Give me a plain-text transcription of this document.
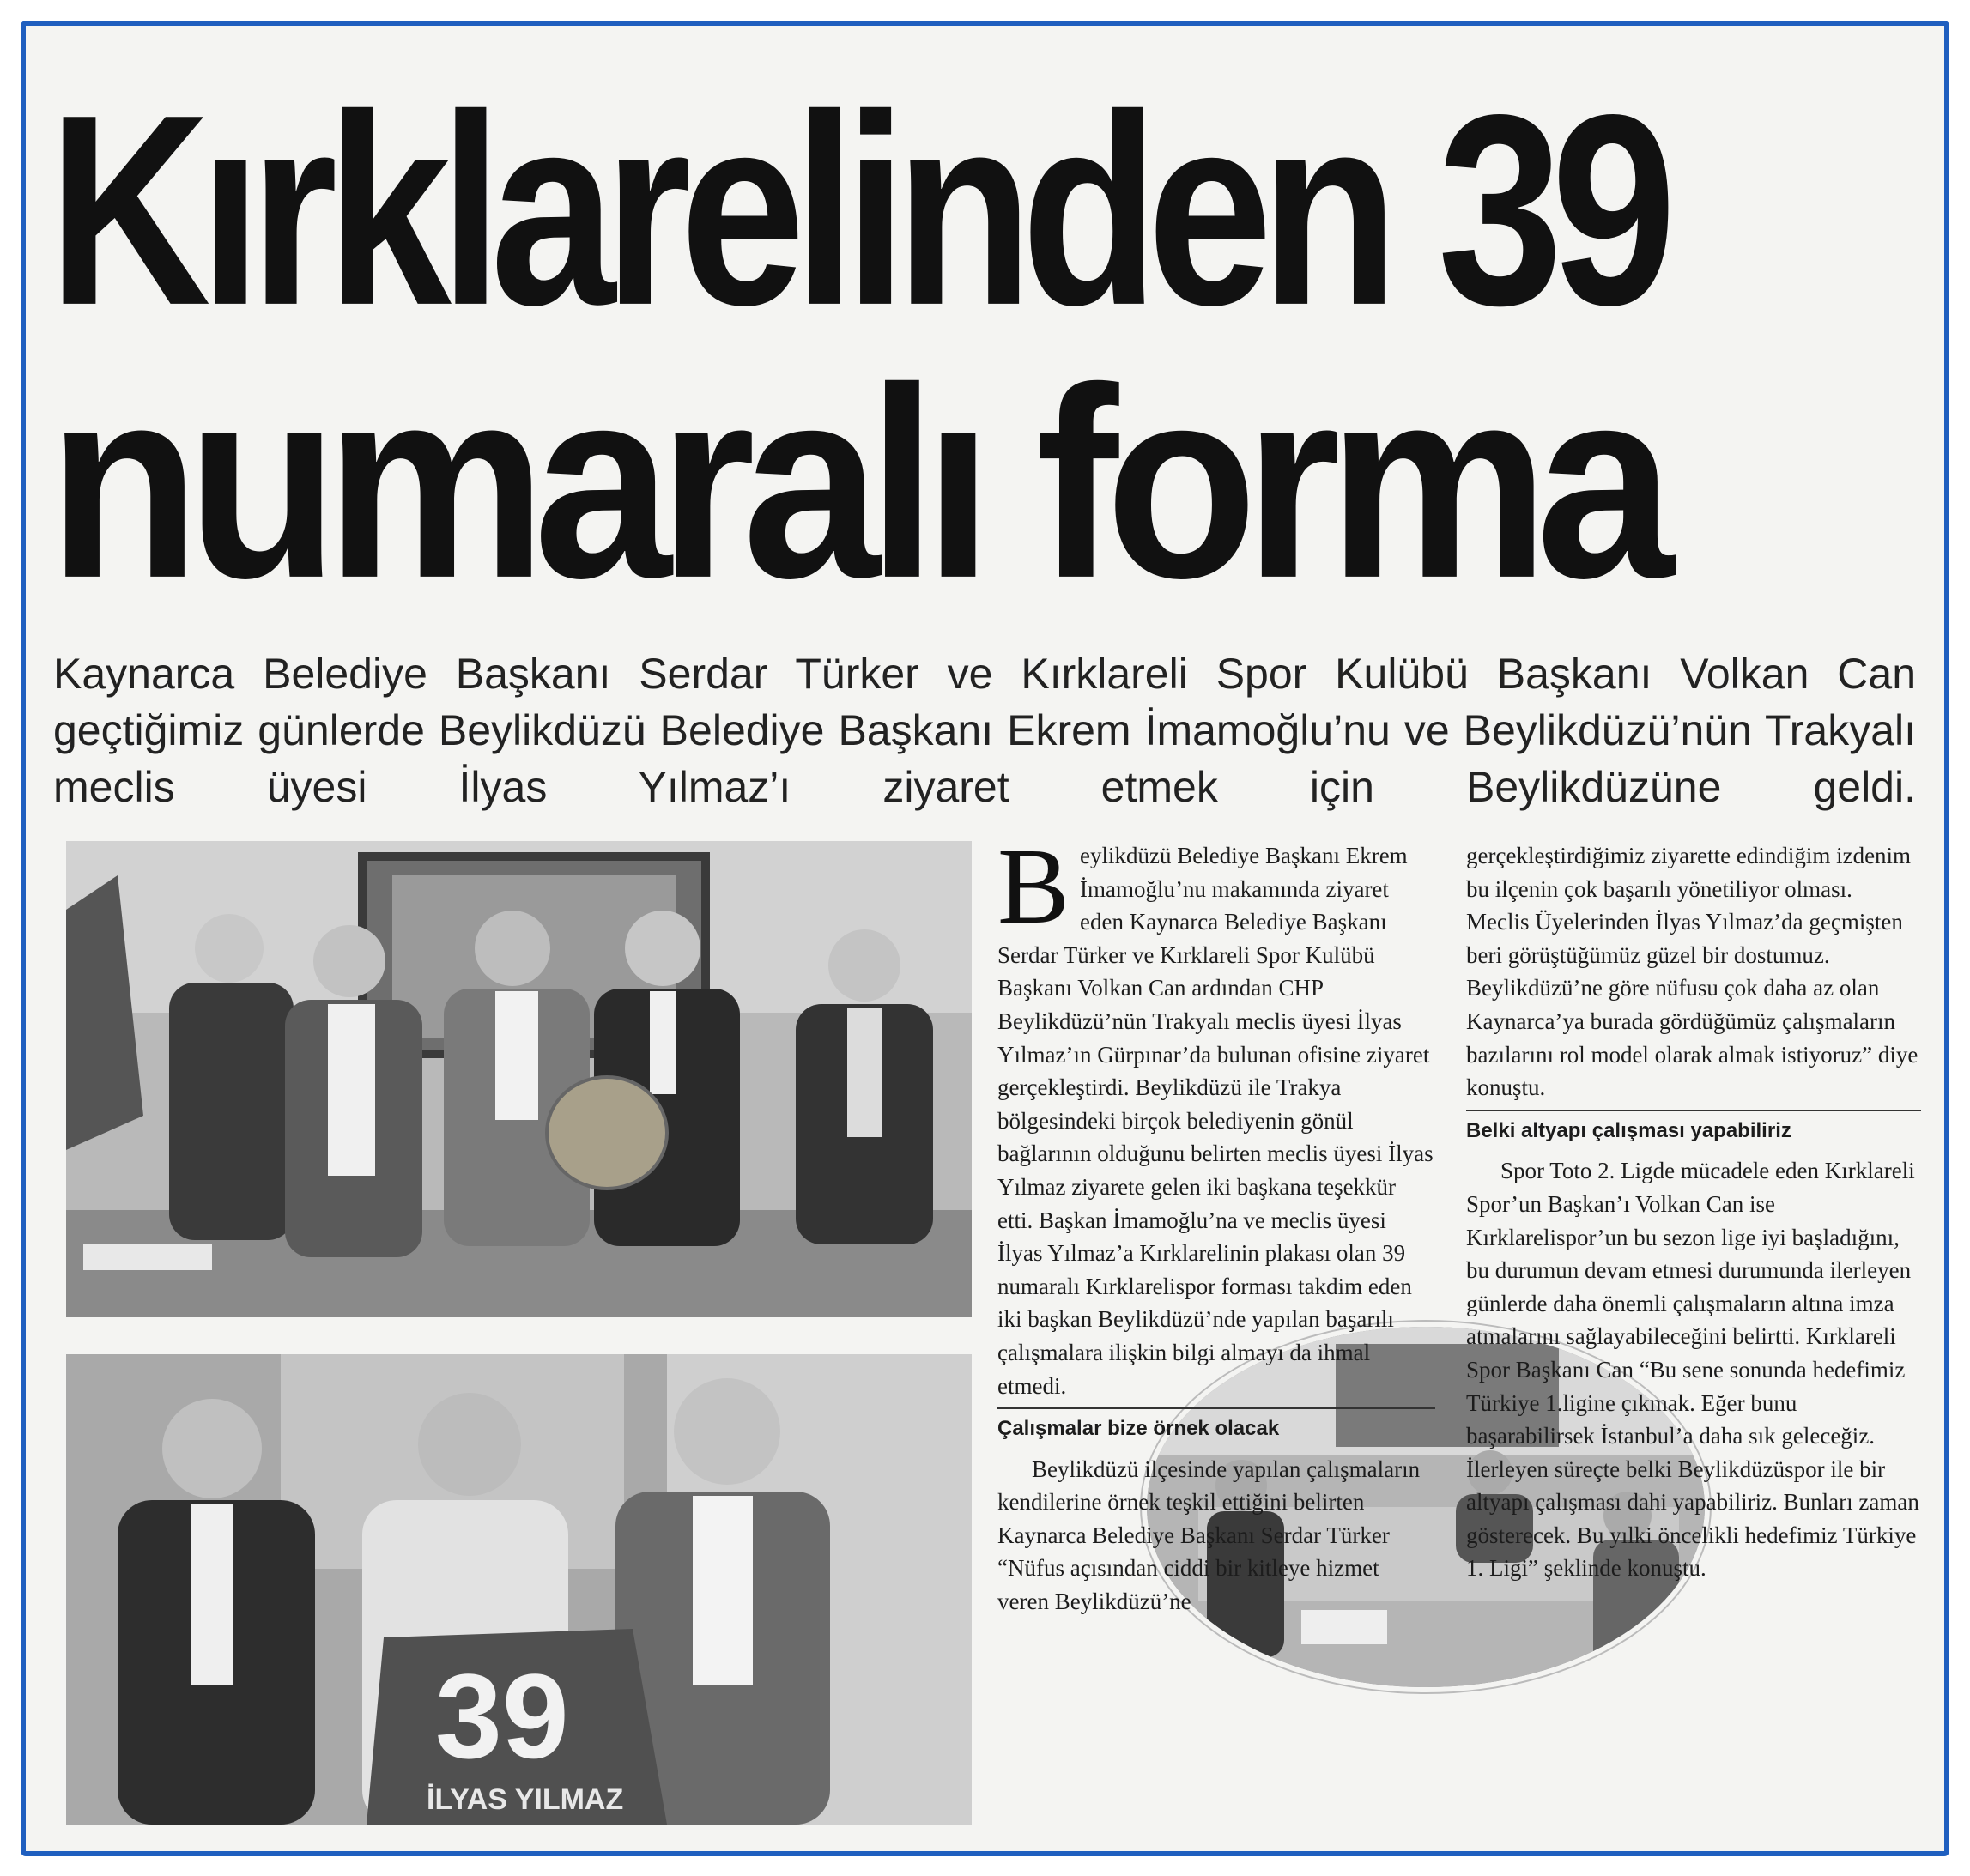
Kırklarelinden 39
numaralı forma

Kaynarca Belediye Başkanı Serdar Türker ve Kırklareli Spor Kulübü Başkanı Volkan Can geçtiğimiz günlerde Beylikdüzü Belediye Başkanı Ekrem İmamoğlu’nu ve Beylikdüzü’nün Trakyalı meclis üyesi İlyas Yılmaz’ı ziyaret etmek için Beylikdüzüne geldi.

39
İLYAS YILMAZ

B eylikdüzü Belediye Başkanı Ekrem İmamoğlu’nu makamında ziyaret eden Kaynarca Belediye Başkanı Serdar Türker ve Kırklareli Spor Kulübü Başkanı Volkan Can ardından CHP Beylikdüzü’nün Trakyalı meclis üyesi İlyas Yılmaz’ın Gürpınar’da bulunan ofisine ziyaret gerçekleştirdi. Beylikdüzü ile Trakya bölgesindeki birçok belediyenin gönül bağlarının olduğunu belirten meclis üyesi İlyas Yılmaz ziyarete gelen iki başkana teşekkür etti. Başkan İmamoğlu’na ve meclis üyesi İlyas Yılmaz’a Kırklarelinin plakası olan 39 numaralı Kırklarelispor forması takdim eden iki başkan Beylikdüzü’nde yapılan başarılı çalışmalara ilişkin bilgi almayı da ihmal etmedi.

Çalışmalar bize örnek olacak

Beylikdüzü ilçesinde yapılan çalışmaların kendilerine örnek teşkil ettiğini belirten Kaynarca Belediye Başkanı Serdar Türker “Nüfus açısından ciddi bir kitleye hizmet veren Beylikdüzü’ne

gerçekleştirdiğimiz ziyarette edindiğim izdenim bu ilçenin çok başarılı yönetiliyor olması. Meclis Üyelerinden İlyas Yılmaz’da geçmişten beri görüştüğümüz güzel bir dostumuz. Beylikdüzü’ne göre nüfusu çok daha az olan Kaynarca’ya burada gördüğümüz çalışmaların bazılarını rol model olarak almak istiyoruz” diye konuştu.

Belki altyapı çalışması yapabiliriz

Spor Toto 2. Ligde mücadele eden Kırklareli Spor’un Başkan’ı Volkan Can ise Kırklarelispor’un bu sezon lige iyi başladığını, bu durumun devam etmesi durumunda ilerleyen günlerde daha önemli çalışmaların altına imza atmalarını sağlayabileceğini belirtti. Kırklareli Spor Başkanı Can “Bu sene sonunda hedefimiz Türkiye 1.ligine çıkmak. Eğer bunu başarabilirsek İstanbul’a daha sık geleceğiz. İlerleyen süreçte belki Beylikdüzüspor ile bir altyapı çalışması dahi yapabiliriz. Bunları zaman gösterecek. Bu yılki öncelikli hedefimiz Türkiye 1. Ligi” şeklinde konuştu.
